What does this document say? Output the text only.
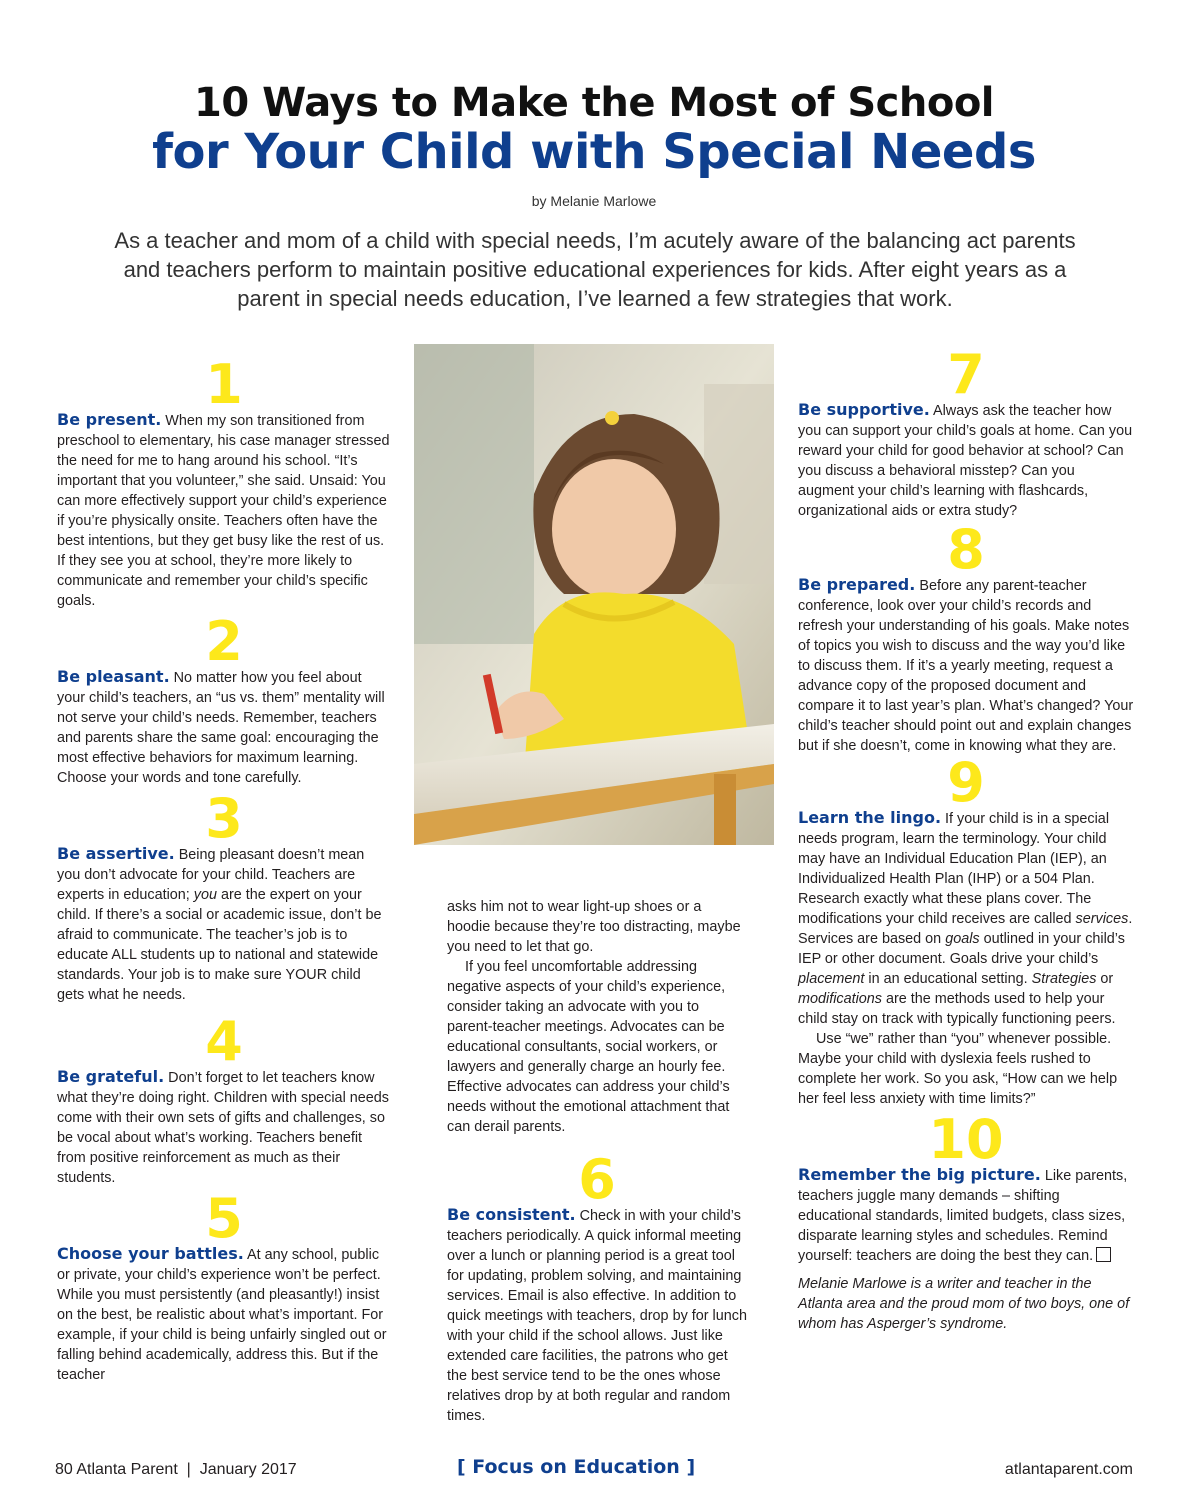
10 Ways to Make the Most of School
for Your Child with Special Needs
by Melanie Marlowe
As a teacher and mom of a child with special needs, I’m acutely aware of the balancing act parents and teachers perform to maintain positive educational experiences for kids. After eight years as a parent in special needs education, I’ve learned a few strategies that work.
1

Be present. When my son transitioned from preschool to elementary, his case manager stressed the need for me to hang around his school. “It’s important that you volunteer,” she said. Unsaid: You can more effectively support your child’s experience if you’re physically onsite. Teachers often have the best intentions, but they get busy like the rest of us. If they see you at school, they’re more likely to communicate and remember your child’s specific goals.

2

Be pleasant. No matter how you feel about your child’s teachers, an “us vs. them” mentality will not serve your child’s needs. Remember, teachers and parents share the same goal: encouraging the most effective behaviors for maximum learning. Choose your words and tone carefully.

3

Be assertive. Being pleasant doesn’t mean you don’t advocate for your child. Teachers are experts in education; you are the expert on your child. If there’s a social or academic issue, don’t be afraid to communicate. The teacher’s job is to educate ALL students up to national and statewide standards. Your job is to make sure YOUR child gets what he needs.

4

Be grateful. Don’t forget to let teachers know what they’re doing right. Children with special needs come with their own sets of gifts and challenges, so be vocal about what’s working. Teachers benefit from positive reinforcement as much as their students.

5

Choose your battles. At any school, public or private, your child’s experience won’t be perfect. While you must persistently (and pleasantly!) insist on the best, be realistic about what’s important. For example, if your child is being unfairly singled out or falling behind academically, address this. But if the teacher

asks him not to wear light-up shoes or a hoodie because they’re too distracting, maybe you need to let that go.

If you feel uncomfortable addressing negative aspects of your child’s experience, consider taking an advocate with you to parent-teacher meetings. Advocates can be educational consultants, social workers, or lawyers and generally charge an hourly fee. Effective advocates can address your child’s needs without the emotional attachment that can derail parents.

6

Be consistent. Check in with your child’s teachers periodically. A quick informal meeting over a lunch or planning period is a great tool for updating, problem solving, and maintaining services. Email is also effective. In addition to quick meetings with teachers, drop by for lunch with your child if the school allows. Just like extended care facilities, the patrons who get the best service tend to be the ones whose relatives drop by at both regular and random times.

7

Be supportive. Always ask the teacher how you can support your child’s goals at home. Can you reward your child for good behavior at school? Can you discuss a behavioral misstep? Can you augment your child’s learning with flashcards, organizational aids or extra study?

8

Be prepared. Before any parent-teacher conference, look over your child’s records and refresh your understanding of his goals. Make notes of topics you wish to discuss and the way you’d like to discuss them. If it’s a yearly meeting, request a advance copy of the proposed document and compare it to last year’s plan. What’s changed? Your child’s teacher should point out and explain changes but if she doesn’t, come in knowing what they are.

9

Learn the lingo. If your child is in a special needs program, learn the terminology. Your child may have an Individual Education Plan (IEP), an Individualized Health Plan (IHP) or a 504 Plan. Research exactly what these plans cover. The modifications your child receives are called services. Services are based on goals outlined in your child’s IEP or other document. Goals drive your child’s placement in an educational setting. Strategies or modifications are the methods used to help your child stay on track with typically functioning peers.

Use “we” rather than “you” whenever possible. Maybe your child with dyslexia feels rushed to complete her work. So you ask, “How can we help her feel less anxiety with time limits?”

10

Remember the big picture. Like parents, teachers juggle many demands – shifting educational standards, limited budgets, class sizes, disparate learning styles and schedules. Remind yourself: teachers are doing the best they can.

Melanie Marlowe is a writer and teacher in the Atlanta area and the proud mom of two boys, one of whom has Asperger’s syndrome.

80 Atlanta Parent  |  January 2017	[ Focus on Education ]	atlantaparent.com
